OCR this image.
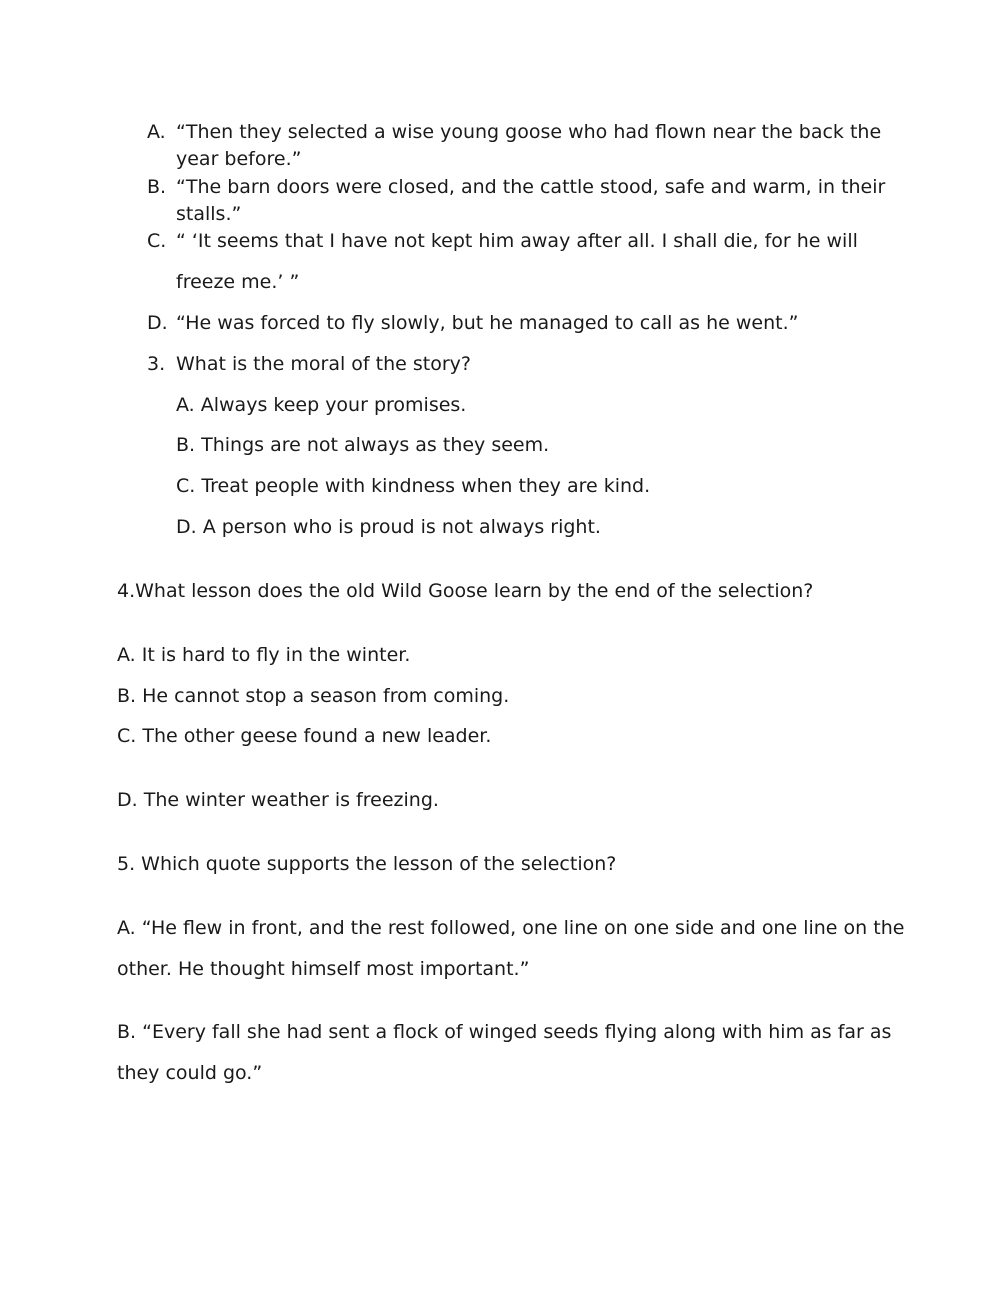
A. “Then they selected a wise young goose who had flown near the back the
year before.”
B. “The barn doors were closed, and the cattle stood, safe and warm, in their
stalls.”
C. “ ‘It seems that I have not kept him away after all. I shall die, for he will
freeze me.’ ”
D. “He was forced to fly slowly, but he managed to call as he went.”
3. What is the moral of the story?
A. Always keep your promises.
B. Things are not always as they seem.
C. Treat people with kindness when they are kind.
D. A person who is proud is not always right.
4.What lesson does the old Wild Goose learn by the end of the selection?
A. It is hard to fly in the winter.
B. He cannot stop a season from coming.
C. The other geese found a new leader.
D. The winter weather is freezing.
5. Which quote supports the lesson of the selection?
A. “He flew in front, and the rest followed, one line on one side and one line on the
other. He thought himself most important.”
B. “Every fall she had sent a flock of winged seeds flying along with him as far as
they could go.”
